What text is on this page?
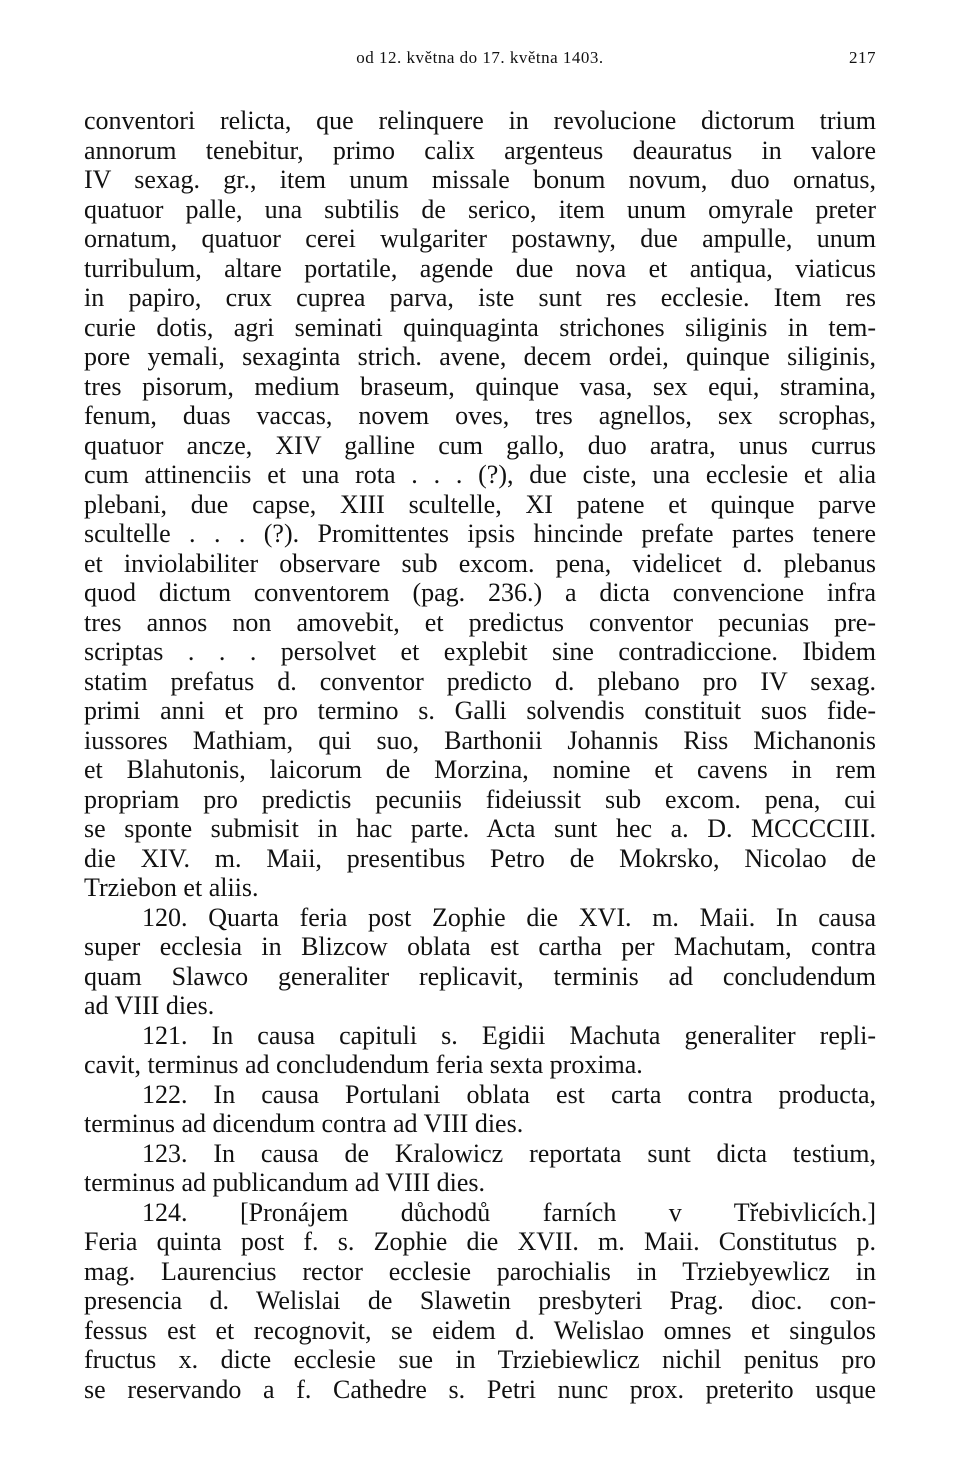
od 12. května do 17. května 1403.	217
conventori relicta, que relinquere in revolucione dictorum trium
annorum tenebitur, primo calix argenteus deauratus in valore
IV sexag. gr., item unum missale bonum novum, duo ornatus,
quatuor palle, una subtilis de serico, item unum omyrale preter
ornatum, quatuor cerei wulgariter postawny, due ampulle, unum
turribulum, altare portatile, agende due nova et antiqua, viaticus
in papiro, crux cuprea parva, iste sunt res ecclesie. Item res
curie dotis, agri seminati quinquaginta strichones siliginis in tem-
pore yemali, sexaginta strich. avene, decem ordei, quinque siliginis,
tres pisorum, medium braseum, quinque vasa, sex equi, stramina,
fenum, duas vaccas, novem oves, tres agnellos, sex scrophas,
quatuor ancze, XIV galline cum gallo, duo aratra, unus currus
cum attinenciis et una rota . . . (?), due ciste, una ecclesie et alia
plebani, due capse, XIII scultelle, XI patene et quinque parve
scultelle . . . (?). Promittentes ipsis hincinde prefate partes tenere
et inviolabiliter observare sub excom. pena, videlicet d. plebanus
quod dictum conventorem (pag. 236.) a dicta convencione infra
tres annos non amovebit, et predictus conventor pecunias pre-
scriptas . . . persolvet et explebit sine contradiccione. Ibidem
statim prefatus d. conventor predicto d. plebano pro IV sexag.
primi anni et pro termino s. Galli solvendis constituit suos fide-
iussores Mathiam, qui suo, Barthonii Johannis Riss Michanonis
et Blahutonis, laicorum de Morzina, nomine et cavens in rem
propriam pro predictis pecuniis fideiussit sub excom. pena, cui
se sponte submisit in hac parte. Acta sunt hec a. D. MCCCCIII.
die XIV. m. Maii, presentibus Petro de Mokrsko, Nicolao de
Trziebon et aliis.
120. Quarta feria post Zophie die XVI. m. Maii. In causa
super ecclesia in Blizcow oblata est cartha per Machutam, contra
quam Slawco generaliter replicavit, terminis ad concludendum
ad VIII dies.
121. In causa capituli s. Egidii Machuta generaliter repli-
cavit, terminus ad concludendum feria sexta proxima.
122. In causa Portulani oblata est carta contra producta,
terminus ad dicendum contra ad VIII dies.
123. In causa de Kralowicz reportata sunt dicta testium,
terminus ad publicandum ad VIII dies.
124. [Pronájem důchodů farních v Třebivlicích.]
Feria quinta post f. s. Zophie die XVII. m. Maii. Constitutus p.
mag. Laurencius rector ecclesie parochialis in Trziebyewlicz in
presencia d. Welislai de Slawetin presbyteri Prag. dioc. con-
fessus est et recognovit, se eidem d. Welislao omnes et singulos
fructus x. dicte ecclesie sue in Trziebiewlicz nichil penitus pro
se reservando a f. Cathedre s. Petri nunc prox. preterito usque
